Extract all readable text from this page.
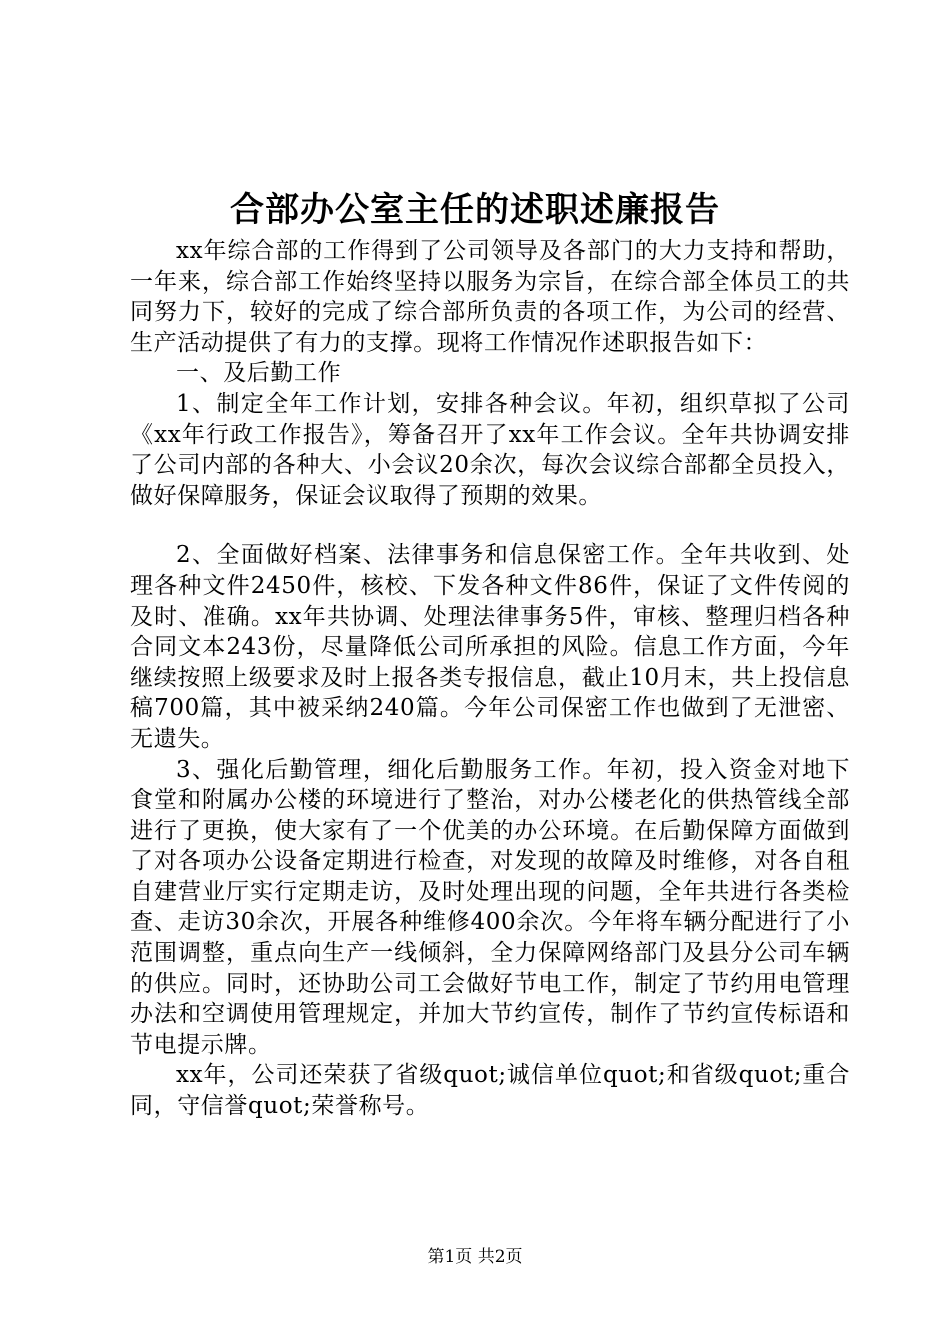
合部办公室主任的述职述廉报告

xx年综合部的工作得到了公司领导及各部门的大力支持和帮助，一年来，综合部工作始终坚持以服务为宗旨，在综合部全体员工的共同努力下，较好的完成了综合部所负责的各项工作，为公司的经营、生产活动提供了有力的支撑。现将工作情况作述职报告如下：

一、及后勤工作

1、制定全年工作计划，安排各种会议。年初，组织草拟了公司《xx年行政工作报告》，筹备召开了xx年工作会议。全年共协调安排了公司内部的各种大、小会议20余次，每次会议综合部都全员投入，做好保障服务，保证会议取得了预期的效果。

2、全面做好档案、法律事务和信息保密工作。全年共收到、处理各种文件2450件，核校、下发各种文件86件，保证了文件传阅的及时、准确。xx年共协调、处理法律事务5件，审核、整理归档各种合同文本243份，尽量降低公司所承担的风险。信息工作方面，今年继续按照上级要求及时上报各类专报信息，截止10月末，共上投信息稿700篇，其中被采纳240篇。今年公司保密工作也做到了无泄密、无遗失。

3、强化后勤管理，细化后勤服务工作。年初，投入资金对地下食堂和附属办公楼的环境进行了整治，对办公楼老化的供热管线全部进行了更换，使大家有了一个优美的办公环境。在后勤保障方面做到了对各项办公设备定期进行检查，对发现的故障及时维修，对各自租自建营业厅实行定期走访，及时处理出现的问题，全年共进行各类检查、走访30余次，开展各种维修400余次。今年将车辆分配进行了小范围调整，重点向生产一线倾斜，全力保障网络部门及县分公司车辆的供应。同时，还协助公司工会做好节电工作，制定了节约用电管理办法和空调使用管理规定，并加大节约宣传，制作了节约宣传标语和节电提示牌。

xx年，公司还荣获了省级quot;诚信单位quot;和省级quot;重合同，守信誉quot;荣誉称号。

第1页 共2页
